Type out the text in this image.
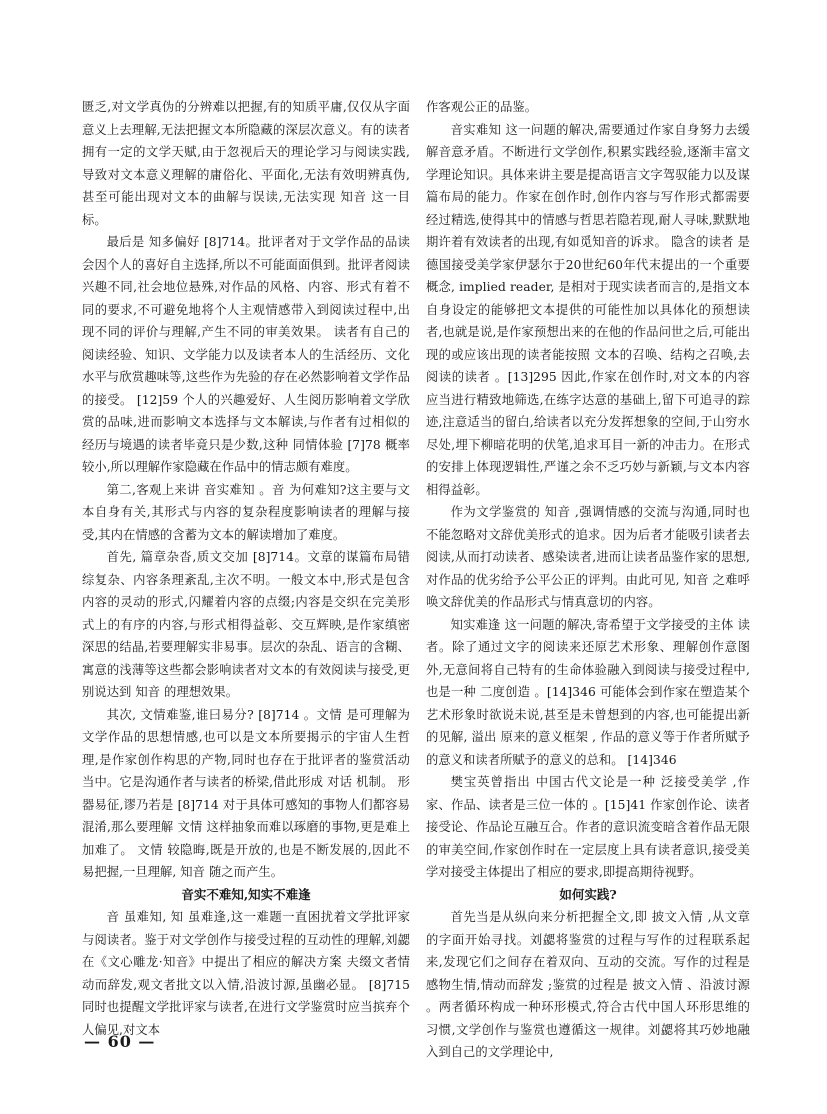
匮乏,对文学真伪的分辨难以把握,有的知质平庸,仅仅从字面意义上去理解,无法把握文本所隐藏的深层次意义。有的读者拥有一定的文学天赋,由于忽视后天的理论学习与阅读实践,导致对文本意义理解的庸俗化、平面化,无法有效明辨真伪,甚至可能出现对文本的曲解与误读,无法实现 知音 这一目标。

最后是 知多偏好 [8]714。批评者对于文学作品的品读会因个人的喜好自主选择,所以不可能面面俱到。批评者阅读兴趣不同,社会地位悬殊,对作品的风格、内容、形式有着不同的要求,不可避免地将个人主观情感带入到阅读过程中,出现不同的评价与理解,产生不同的审美效果。 读者有自己的阅读经验、知识、文学能力以及读者本人的生活经历、文化水平与欣赏趣味等,这些作为先验的存在必然影响着文学作品的接受。 [12]59 个人的兴趣爱好、人生阅历影响着文学欣赏的品味,进而影响文本选择与文本解读,与作者有过相似的经历与境遇的读者毕竟只是少数,这种 同情体验 [7]78 概率较小,所以理解作家隐藏在作品中的情志颇有难度。

第二,客观上来讲 音实难知 。音 为何难知?这主要与文本自身有关,其形式与内容的复杂程度影响读者的理解与接受,其内在情感的含蓄为文本的解读增加了难度。

首先, 篇章杂沓,质文交加 [8]714。文章的谋篇布局错综复杂、内容条理紊乱,主次不明。一般文本中,形式是包含内容的灵动的形式,闪耀着内容的点缀;内容是交织在完美形式上的有序的内容,与形式相得益彰、交互辉映,是作家缜密深思的结晶,若要理解实非易事。层次的杂乱、语言的含糊、寓意的浅薄等这些都会影响读者对文本的有效阅读与接受,更别说达到 知音 的理想效果。

其次, 文情难鉴,谁曰易分? [8]714 。文情 是可理解为文学作品的思想情感,也可以是文本所要揭示的宇宙人生哲理,是作家创作构思的产物,同时也存在于批评者的鉴赏活动当中。它是沟通作者与读者的桥梁,借此形成 对话 机制。 形器易征,谬乃若是 [8]714 对于具体可感知的事物人们都容易混淆,那么要理解 文情 这样抽象而难以琢磨的事物,更是难上加难了。 文情 较隐晦,既是开放的,也是不断发展的,因此不易把握,一旦理解, 知音 随之而产生。

音实不难知,知实不难逢

音 虽难知, 知 虽难逢,这一难题一直困扰着文学批评家与阅读者。鉴于对文学创作与接受过程的互动性的理解,刘勰在《文心雕龙·知音》中提出了相应的解决方案 夫缀文者情动而辞发,观文者批文以入情,沿波讨源,虽幽必显。 [8]715 同时也提醒文学批评家与读者,在进行文学鉴赏时应当摈弃个人偏见,对文本

作客观公正的品鉴。

音实难知 这一问题的解决,需要通过作家自身努力去缓解音意矛盾。不断进行文学创作,积累实践经验,逐渐丰富文学理论知识。具体来讲主要是提高语言文字驾驭能力以及谋篇布局的能力。作家在创作时,创作内容与写作形式都需要经过精选,使得其中的情感与哲思若隐若现,耐人寻味,默默地期许着有效读者的出现,有如觅知音的诉求。 隐含的读者 是德国接受美学家伊瑟尔于20世纪60年代末提出的一个重要概念, implied reader, 是相对于现实读者而言的,是指文本自身设定的能够把文本提供的可能性加以具体化的预想读者,也就是说,是作家预想出来的在他的作品问世之后,可能出现的或应该出现的读者能按照 文本的召唤、结构之召唤,去阅读的读者 。[13]295 因此,作家在创作时,对文本的内容应当进行精致地筛选,在练字达意的基础上,留下可追寻的踪迹,注意适当的留白,给读者以充分发挥想象的空间,于山穷水尽处,埋下柳暗花明的伏笔,追求耳目一新的冲击力。在形式的安排上体现逻辑性,严谨之余不乏巧妙与新颖,与文本内容相得益彰。

作为文学鉴赏的 知音 ,强调情感的交流与沟通,同时也不能忽略对文辞优美形式的追求。因为后者才能吸引读者去阅读,从而打动读者、感染读者,进而让读者品鉴作家的思想,对作品的优劣给予公平公正的评判。由此可见, 知音 之难呼唤文辞优美的作品形式与情真意切的内容。

知实难逢 这一问题的解决,寄希望于文学接受的主体 读者。除了通过文字的阅读来还原艺术形象、理解创作意图外,无意间将自己特有的生命体验融入到阅读与接受过程中,也是一种 二度创造 。[14]346 可能体会到作家在塑造某个艺术形象时欲说未说,甚至是未曾想到的内容,也可能提出新的见解, 溢出 原来的意义框架 , 作品的意义等于作者所赋予的意义和读者所赋予的意义的总和。 [14]346

樊宝英曾指出 中国古代文论是一种 泛接受美学 ,作家、作品、读者是三位一体的 。[15]41 作家创作论、读者接受论、作品论互融互合。作者的意识流变暗含着作品无限的审美空间,作家创作时在一定层度上具有读者意识,接受美学对接受主体提出了相应的要求,即提高期待视野。

如何实践?

首先当是从纵向来分析把握全文,即 披文入情 ,从文章的字面开始寻找。刘勰将鉴赏的过程与写作的过程联系起来,发现它们之间存在着双向、互动的交流。写作的过程是感物生情,情动而辞发 ;鉴赏的过程是 披文入情 、沿波讨源 。两者循环构成一种环形模式,符合古代中国人环形思维的习惯,文学创作与鉴赏也遵循这一规律。刘勰将其巧妙地融入到自己的文学理论中,

— 60 —
